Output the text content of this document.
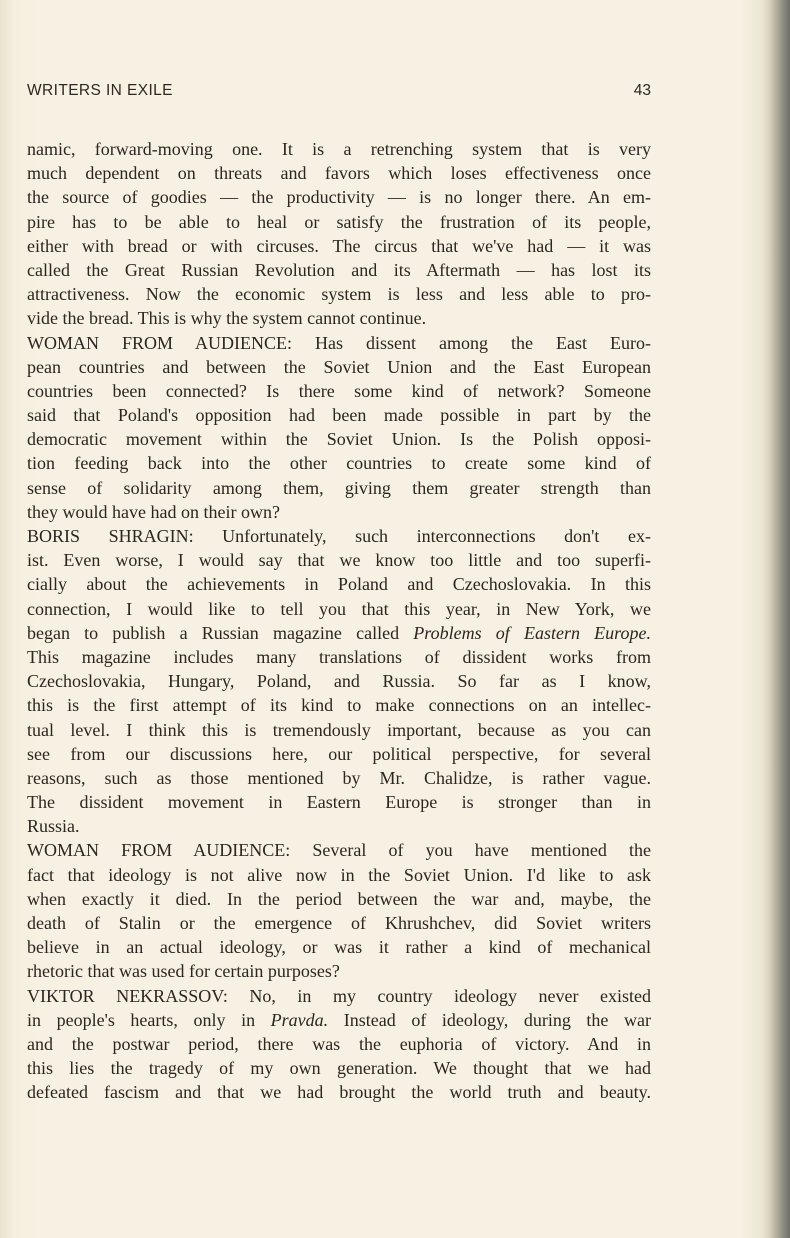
WRITERS IN EXILE	43
namic, forward-moving one. It is a retrenching system that is very
much dependent on threats and favors which loses effectiveness once
the source of goodies — the productivity — is no longer there. An em-
pire has to be able to heal or satisfy the frustration of its people,
either with bread or with circuses. The circus that we've had — it was
called the Great Russian Revolution and its Aftermath — has lost its
attractiveness. Now the economic system is less and less able to pro-
vide the bread. This is why the system cannot continue.
WOMAN FROM AUDIENCE: Has dissent among the East Euro-
pean countries and between the Soviet Union and the East European
countries been connected? Is there some kind of network? Someone
said that Poland's opposition had been made possible in part by the
democratic movement within the Soviet Union. Is the Polish opposi-
tion feeding back into the other countries to create some kind of
sense of solidarity among them, giving them greater strength than
they would have had on their own?
BORIS SHRAGIN: Unfortunately, such interconnections don't ex-
ist. Even worse, I would say that we know too little and too superfi-
cially about the achievements in Poland and Czechoslovakia. In this
connection, I would like to tell you that this year, in New York, we
began to publish a Russian magazine called Problems of Eastern Europe.
This magazine includes many translations of dissident works from
Czechoslovakia, Hungary, Poland, and Russia. So far as I know,
this is the first attempt of its kind to make connections on an intellec-
tual level. I think this is tremendously important, because as you can
see from our discussions here, our political perspective, for several
reasons, such as those mentioned by Mr. Chalidze, is rather vague.
The dissident movement in Eastern Europe is stronger than in
Russia.
WOMAN FROM AUDIENCE: Several of you have mentioned the
fact that ideology is not alive now in the Soviet Union. I'd like to ask
when exactly it died. In the period between the war and, maybe, the
death of Stalin or the emergence of Khrushchev, did Soviet writers
believe in an actual ideology, or was it rather a kind of mechanical
rhetoric that was used for certain purposes?
VIKTOR NEKRASSOV: No, in my country ideology never existed
in people's hearts, only in Pravda. Instead of ideology, during the war
and the postwar period, there was the euphoria of victory. And in
this lies the tragedy of my own generation. We thought that we had
defeated fascism and that we had brought the world truth and beauty.
